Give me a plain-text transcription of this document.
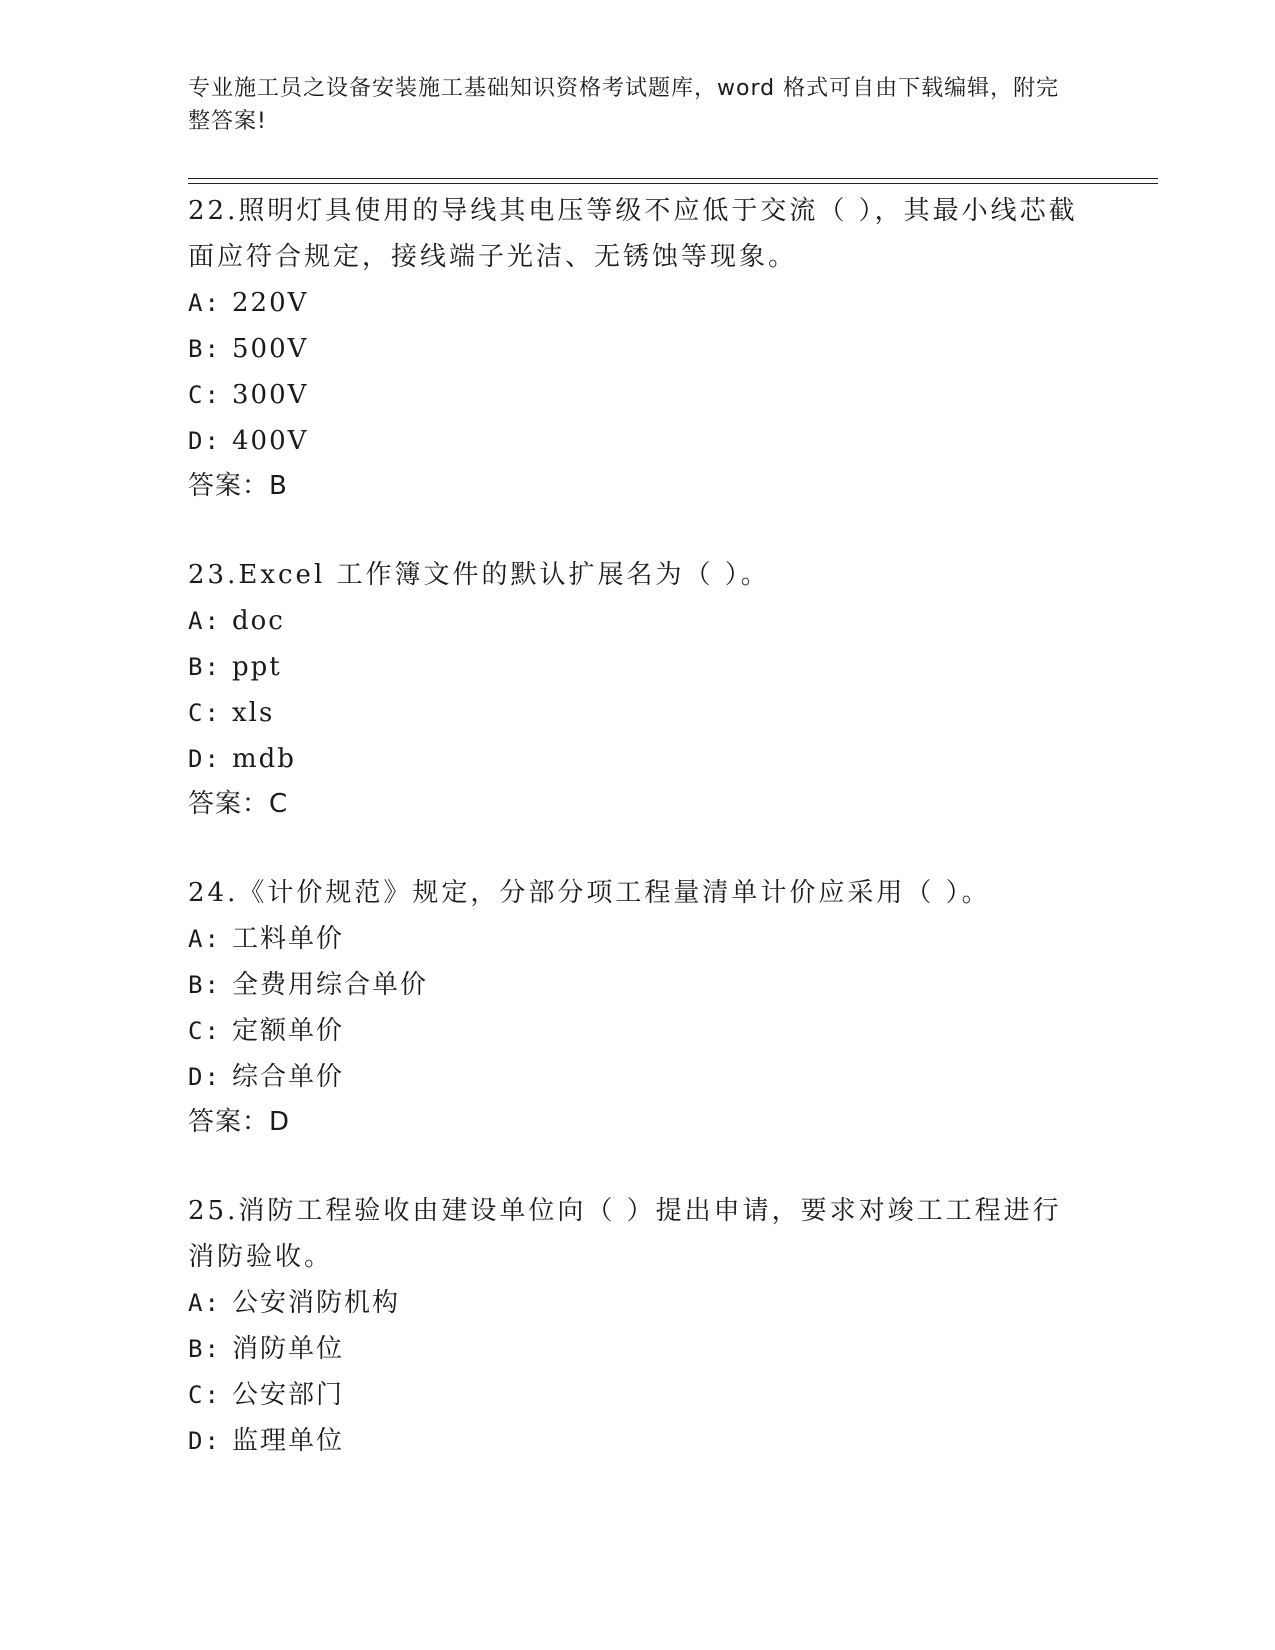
专业施工员之设备安装施工基础知识资格考试题库，word 格式可自由下载编辑，附完整答案!

22.照明灯具使用的导线其电压等级不应低于交流（ ），其最小线芯截面应符合规定，接线端子光洁、无锈蚀等现象。

A: 220V
B: 500V
C: 300V
D: 400V

答案：B

23.Excel 工作簿文件的默认扩展名为（ ）。

A: doc
B: ppt
C: xls
D: mdb

答案：C

24.《计价规范》规定，分部分项工程量清单计价应采用（ ）。

A: 工料单价
B: 全费用综合单价
C: 定额单价
D: 综合单价

答案：D

25.消防工程验收由建设单位向（ ）提出申请，要求对竣工工程进行消防验收。

A: 公安消防机构
B: 消防单位
C: 公安部门
D: 监理单位
